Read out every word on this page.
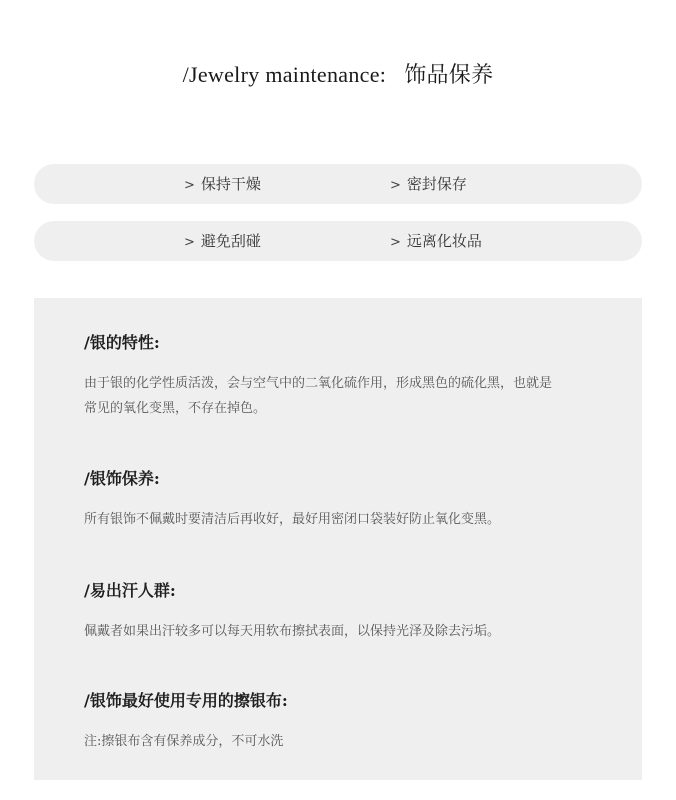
/Jewelry maintenance: 饰品保养
> 保持干燥	> 密封保存
> 避免刮碰	> 远离化妆品

/银的特性:

由于银的化学性质活泼，会与空气中的二氧化硫作用，形成黑色的硫化黑，也就是
常见的氧化变黑，不存在掉色。

/银饰保养:

所有银饰不佩戴时要清洁后再收好，最好用密闭口袋装好防止氧化变黑。

/易出汗人群:

佩戴者如果出汗较多可以每天用软布擦拭表面，以保持光泽及除去污垢。

/银饰最好使用专用的擦银布:

注:擦银布含有保养成分，不可水洗
